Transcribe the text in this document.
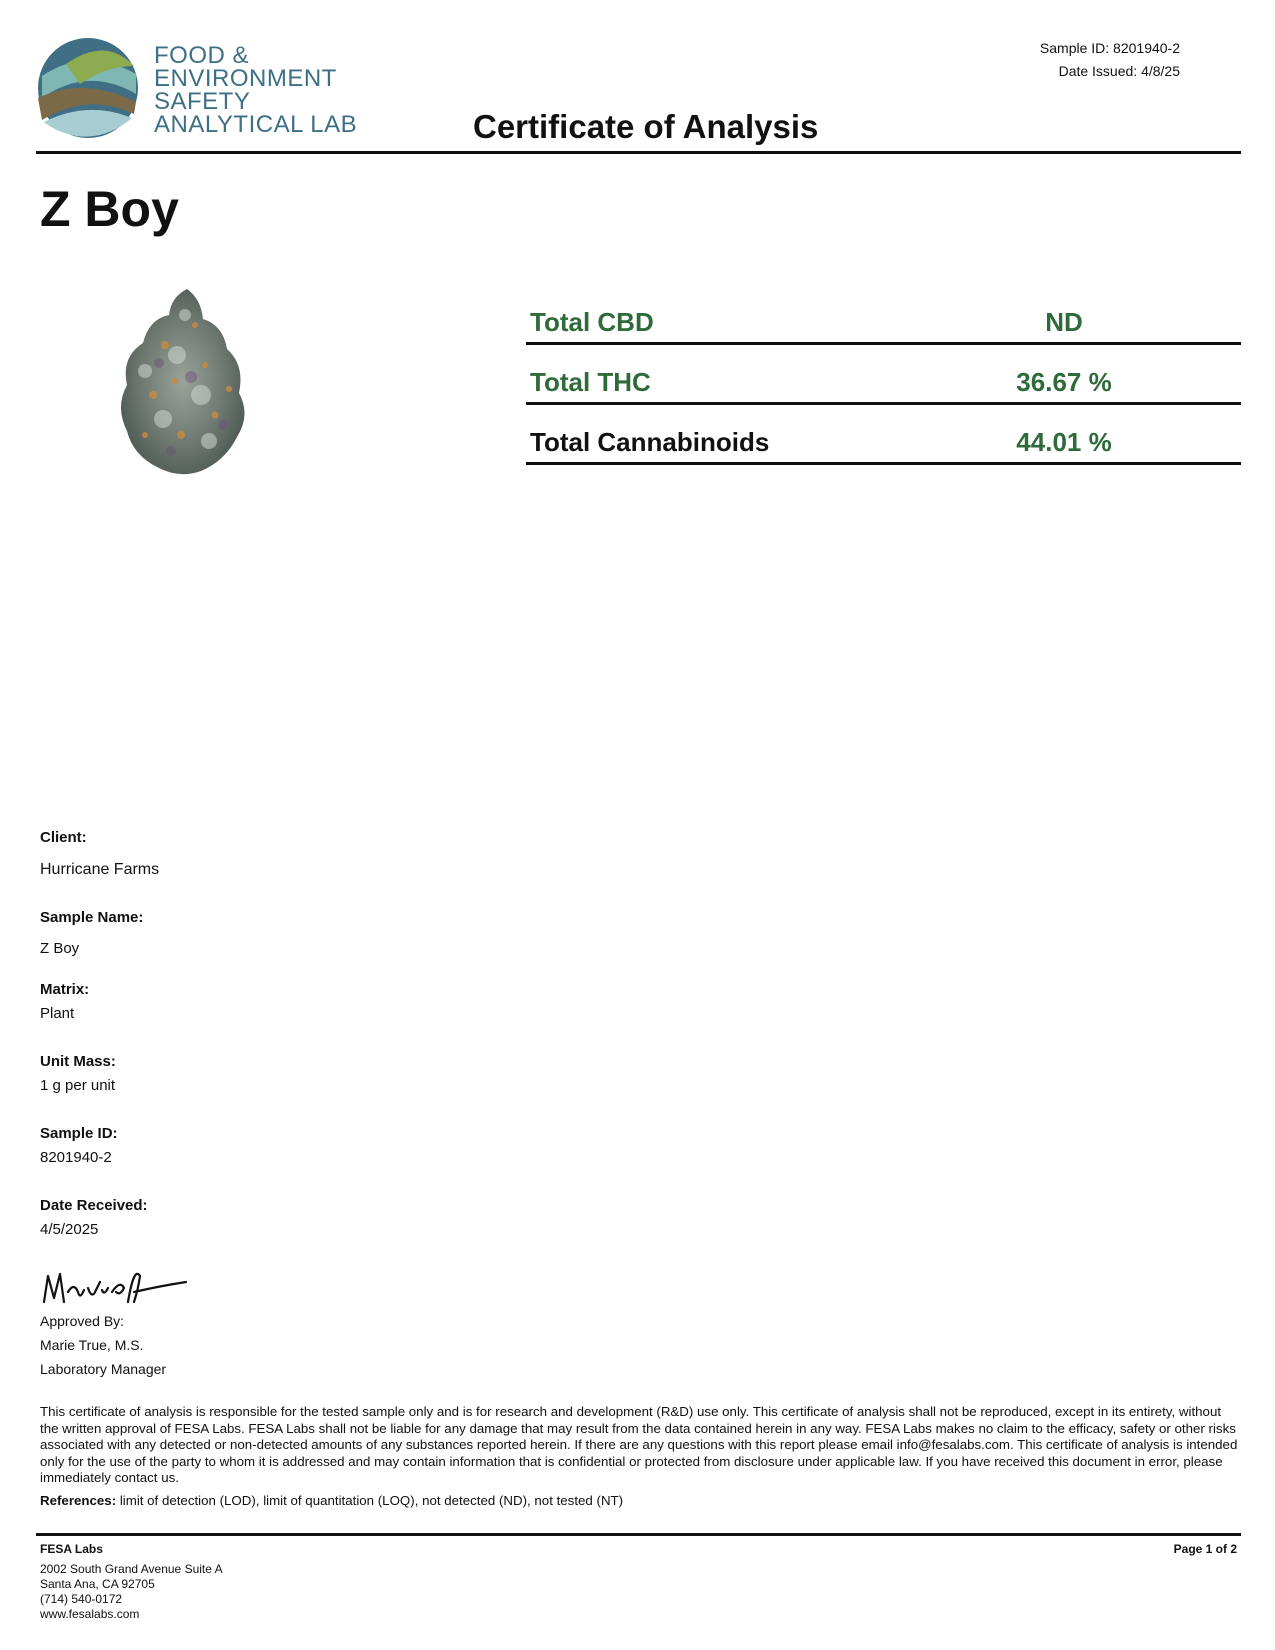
FOOD &
ENVIRONMENT
SAFETY
ANALYTICAL LAB
Sample ID: 8201940-2
Date Issued: 4/8/25
Certificate of Analysis
Z Boy
Total CBD	ND
Total THC	36.67 %
Total Cannabinoids	44.01 %
Client:
Hurricane Farms
Sample Name:
Z Boy
Matrix:
Plant
Unit Mass:
1 g per unit
Sample ID:
8201940-2
Date Received:
4/5/2025
Approved By:
Marie True, M.S.
Laboratory Manager
This certificate of analysis is responsible for the tested sample only and is for research and development (R&D) use only. This certificate of analysis shall not be reproduced, except in its entirety, without the written approval of FESA Labs. FESA Labs shall not be liable for any damage that may result from the data contained herein in any way. FESA Labs makes no claim to the efficacy, safety or other risks associated with any detected or non-detected amounts of any substances reported herein. If there are any questions with this report please email info@fesalabs.com. This certificate of analysis is intended only for the use of the party to whom it is addressed and may contain information that is confidential or protected from disclosure under applicable law. If you have received this document in error, please immediately contact us.
References: limit of detection (LOD), limit of quantitation (LOQ), not detected (ND), not tested (NT)
FESA Labs	Page 1 of 2
2002 South Grand Avenue Suite A
Santa Ana, CA 92705
(714) 540-0172
www.fesalabs.com
